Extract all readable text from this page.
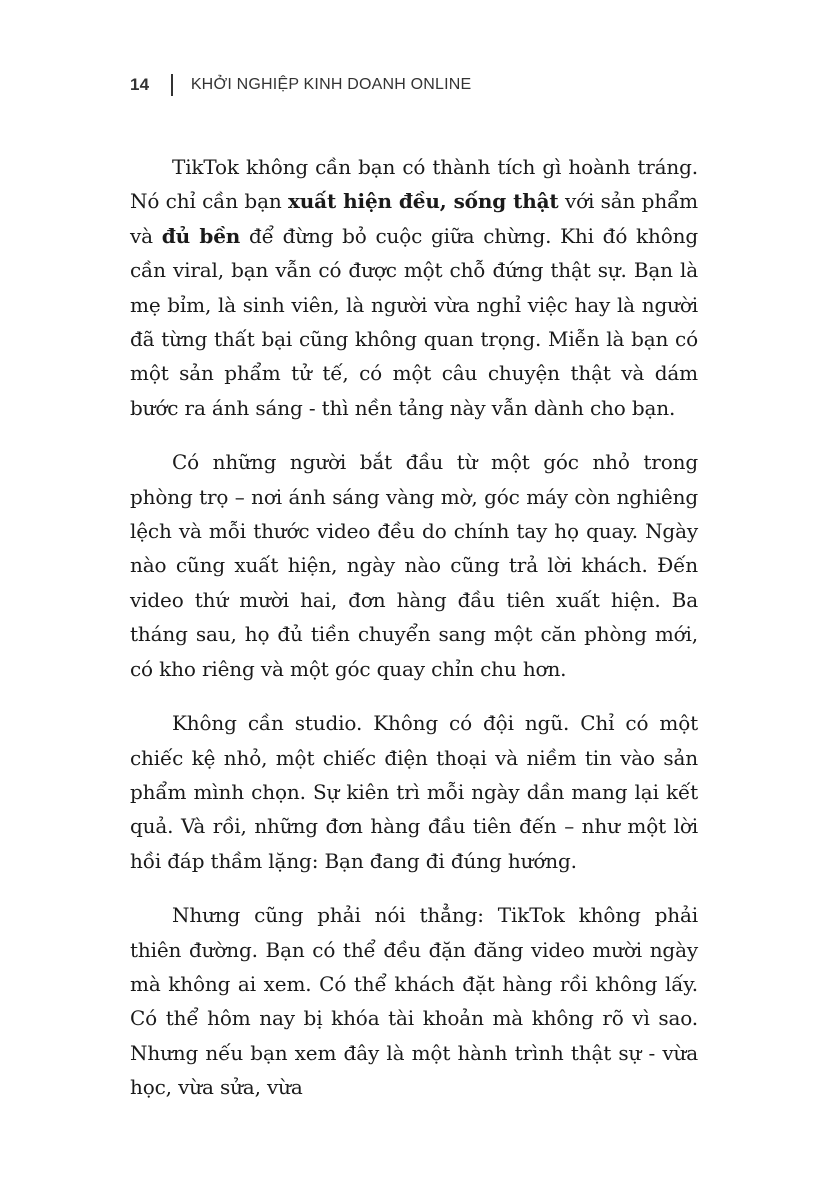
14	KHỞI NGHIỆP KINH DOANH ONLINE

TikTok không cần bạn có thành tích gì hoành tráng. Nó chỉ cần bạn xuất hiện đều, sống thật với sản phẩm và đủ bền để đừng bỏ cuộc giữa chừng. Khi đó không cần viral, bạn vẫn có được một chỗ đứng thật sự. Bạn là mẹ bỉm, là sinh viên, là người vừa nghỉ việc hay là người đã từng thất bại cũng không quan trọng. Miễn là bạn có một sản phẩm tử tế, có một câu chuyện thật và dám bước ra ánh sáng - thì nền tảng này vẫn dành cho bạn.

Có những người bắt đầu từ một góc nhỏ trong phòng trọ – nơi ánh sáng vàng mờ, góc máy còn nghiêng lệch và mỗi thước video đều do chính tay họ quay. Ngày nào cũng xuất hiện, ngày nào cũng trả lời khách. Đến video thứ mười hai, đơn hàng đầu tiên xuất hiện. Ba tháng sau, họ đủ tiền chuyển sang một căn phòng mới, có kho riêng và một góc quay chỉn chu hơn.

Không cần studio. Không có đội ngũ. Chỉ có một chiếc kệ nhỏ, một chiếc điện thoại và niềm tin vào sản phẩm mình chọn. Sự kiên trì mỗi ngày dần mang lại kết quả. Và rồi, những đơn hàng đầu tiên đến – như một lời hồi đáp thầm lặng: Bạn đang đi đúng hướng.

Nhưng cũng phải nói thẳng: TikTok không phải thiên đường. Bạn có thể đều đặn đăng video mười ngày mà không ai xem. Có thể khách đặt hàng rồi không lấy. Có thể hôm nay bị khóa tài khoản mà không rõ vì sao. Nhưng nếu bạn xem đây là một hành trình thật sự - vừa học, vừa sửa, vừa
